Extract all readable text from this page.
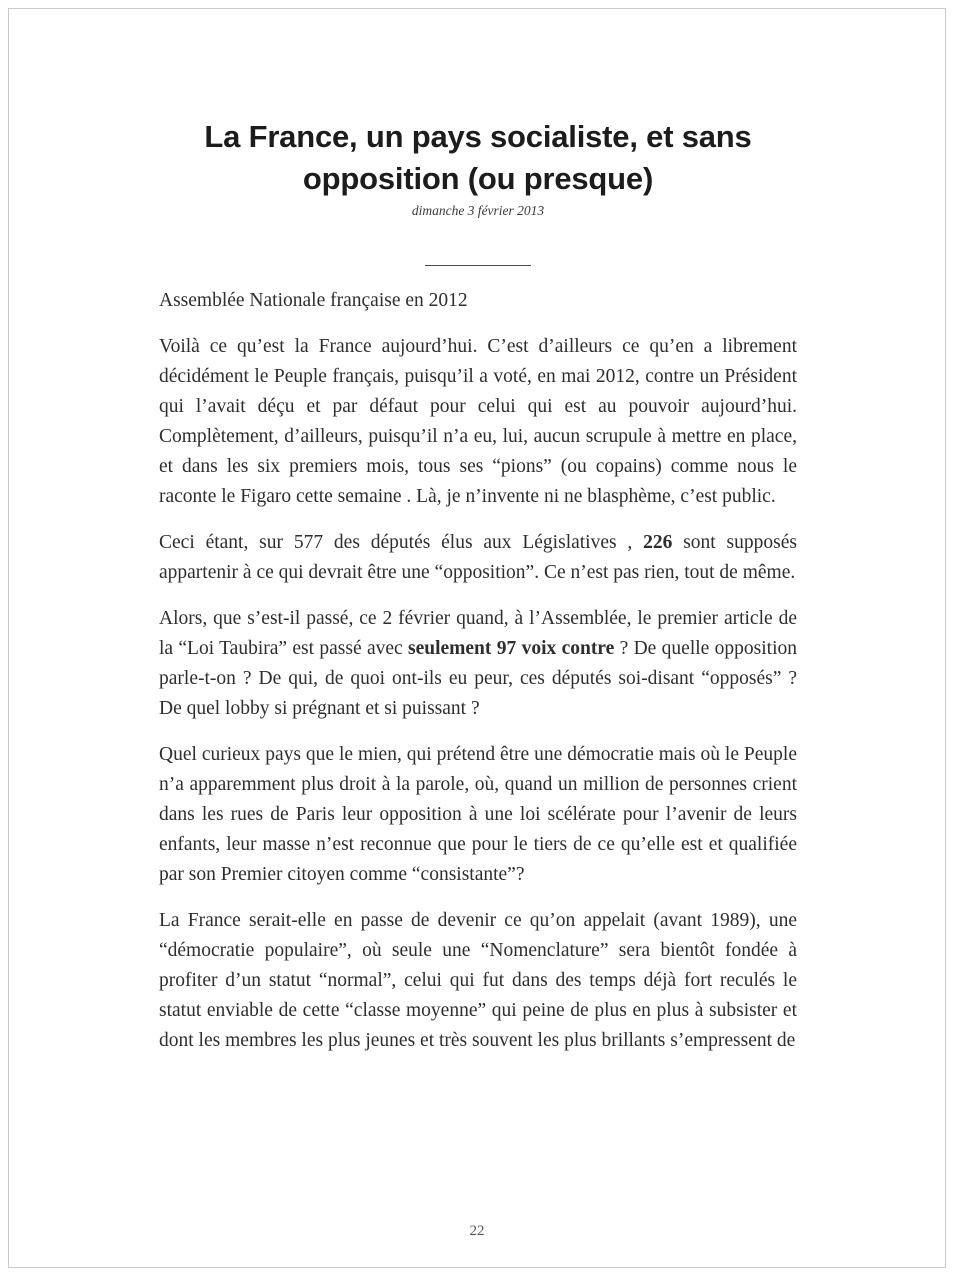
La France, un pays socialiste, et sans opposition (ou presque)
dimanche 3 février 2013

Assemblée Nationale française en 2012

Voilà ce qu’est la France aujourd’hui. C’est d’ailleurs ce qu’en a librement décidément le Peuple français, puisqu’il a voté, en mai 2012, contre un Président qui l’avait déçu et par défaut pour celui qui est au pouvoir aujourd’hui. Complètement, d’ailleurs, puisqu’il n’a eu, lui, aucun scrupule à mettre en place, et dans les six premiers mois, tous ses “pions” (ou copains) comme nous le raconte le Figaro cette semaine . Là, je n’invente ni ne blasphème, c’est public.

Ceci étant, sur 577 des députés élus aux Législatives , 226 sont supposés appartenir à ce qui devrait être une “opposition”. Ce n’est pas rien, tout de même.

Alors, que s’est-il passé, ce 2 février quand, à l’Assemblée, le premier article de la “Loi Taubira” est passé avec seulement 97 voix contre ? De quelle opposition parle-t-on ? De qui, de quoi ont-ils eu peur, ces députés soi-disant “opposés” ? De quel lobby si prégnant et si puissant ?

Quel curieux pays que le mien, qui prétend être une démocratie mais où le Peuple n’a apparemment plus droit à la parole, où, quand un million de personnes crient dans les rues de Paris leur opposition à une loi scélérate pour l’avenir de leurs enfants, leur masse n’est reconnue que pour le tiers de ce qu’elle est et qualifiée par son Premier citoyen comme “consistante”?

La France serait-elle en passe de devenir ce qu’on appelait (avant 1989), une “démocratie populaire”, où seule une “Nomenclature” sera bientôt fondée à profiter d’un statut “normal”, celui qui fut dans des temps déjà fort reculés le statut enviable de cette “classe moyenne” qui peine de plus en plus à subsister et dont les membres les plus jeunes et très souvent les plus brillants s’empressent de

22
